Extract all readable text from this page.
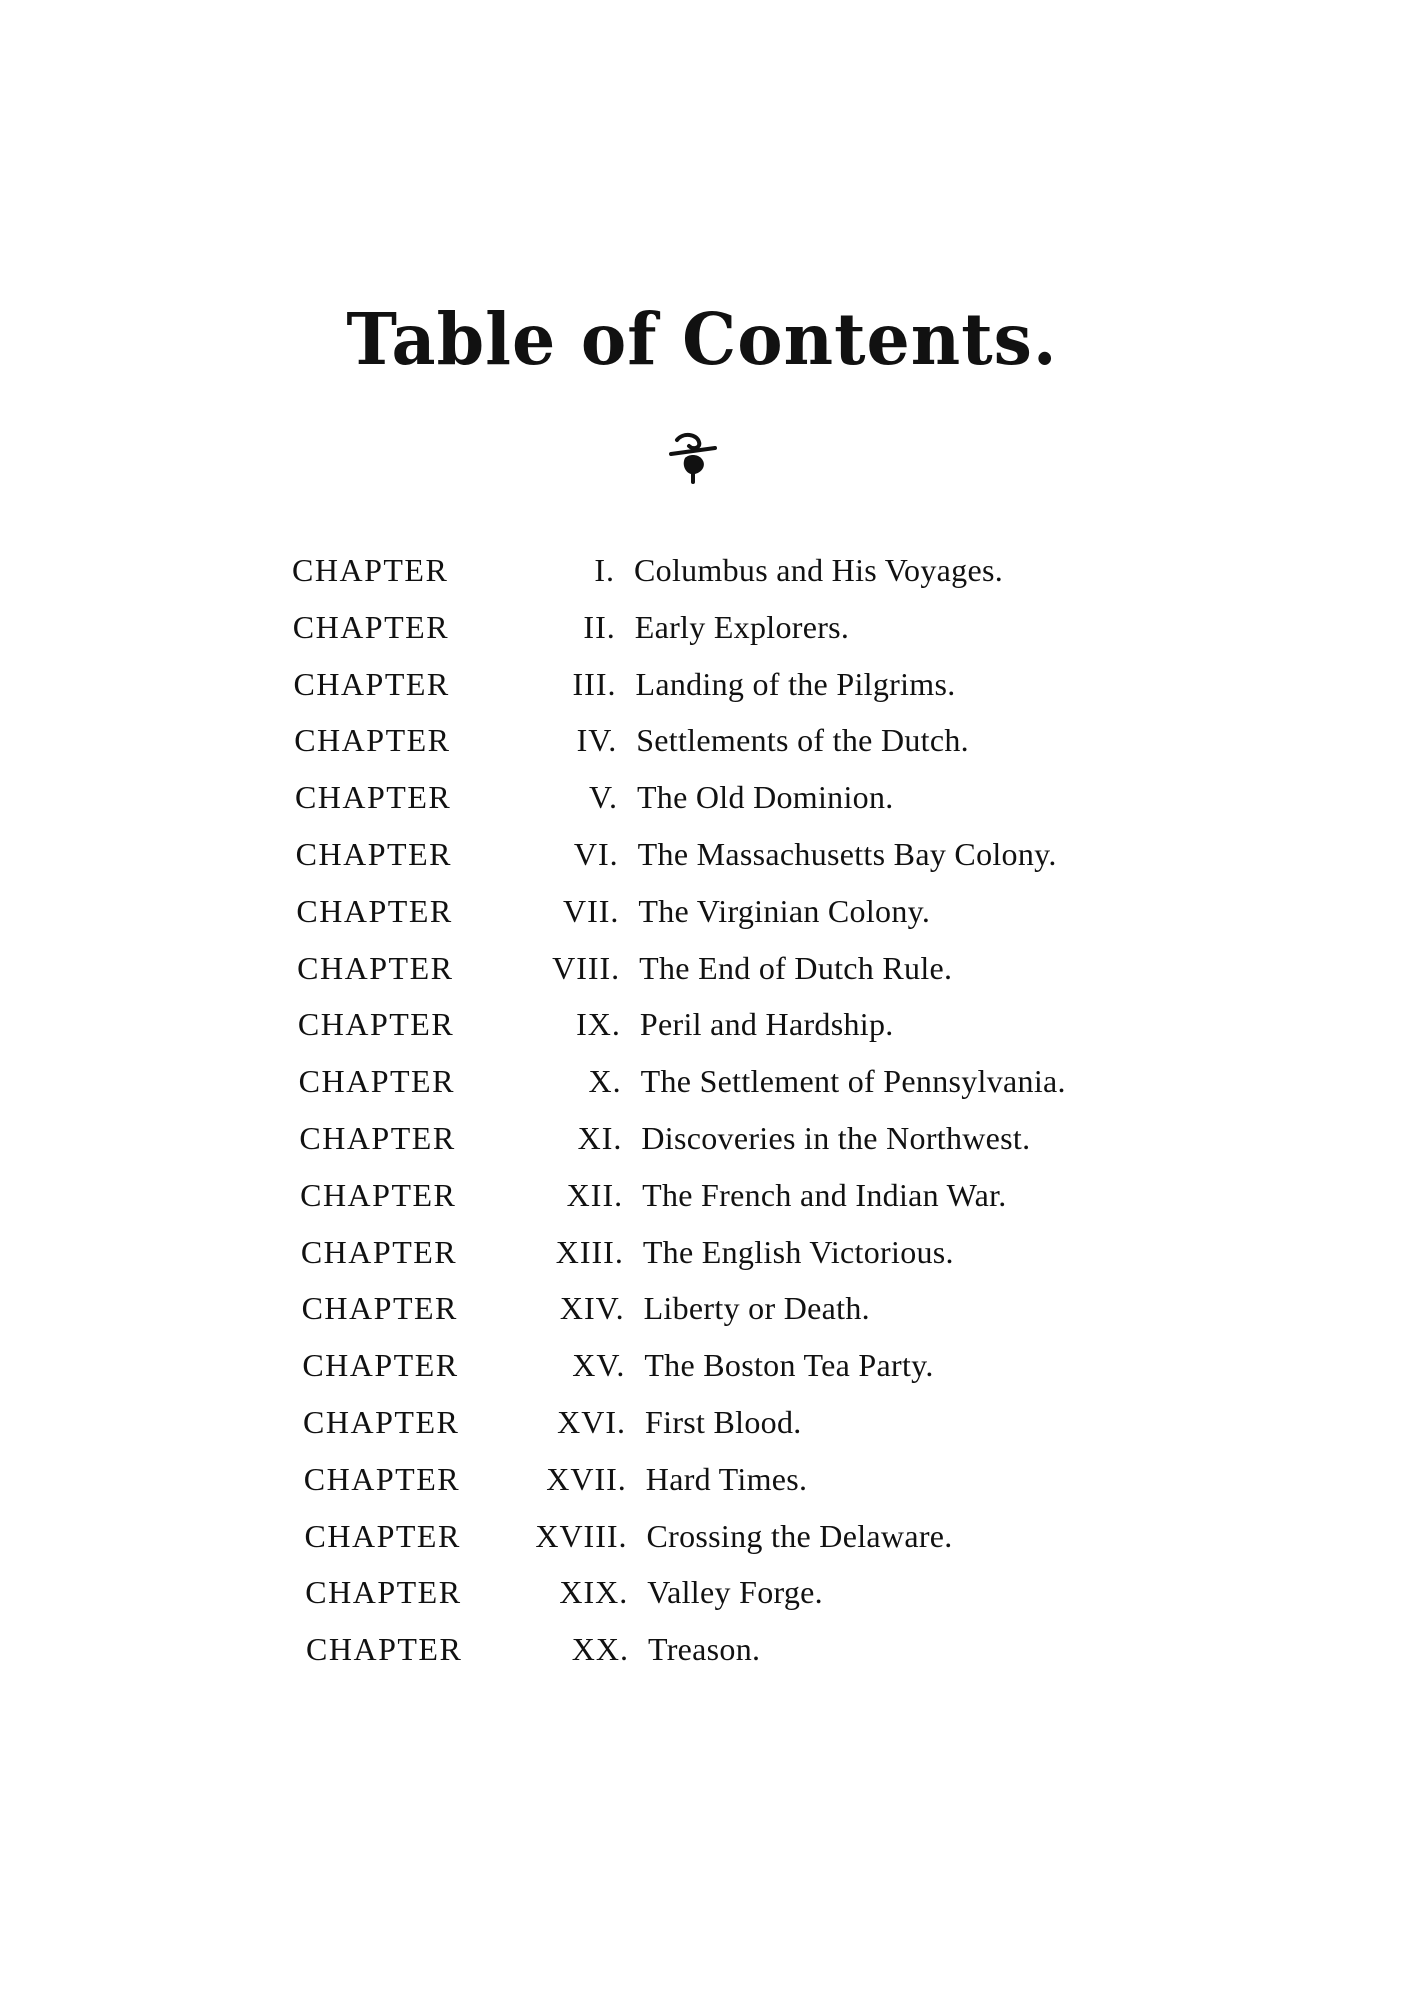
Table of Contents.
CHAPTER	I. Columbus and His Voyages.
CHAPTER	II. Early Explorers.
CHAPTER	III. Landing of the Pilgrims.
CHAPTER	IV. Settlements of the Dutch.
CHAPTER	V. The Old Dominion.
CHAPTER	VI. The Massachusetts Bay Colony.
CHAPTER	VII. The Virginian Colony.
CHAPTER	VIII. The End of Dutch Rule.
CHAPTER	IX. Peril and Hardship.
CHAPTER	X. The Settlement of Pennsylvania.
CHAPTER	XI. Discoveries in the Northwest.
CHAPTER	XII. The French and Indian War.
CHAPTER	XIII. The English Victorious.
CHAPTER	XIV. Liberty or Death.
CHAPTER	XV. The Boston Tea Party.
CHAPTER	XVI. First Blood.
CHAPTER	XVII. Hard Times.
CHAPTER	XVIII. Crossing the Delaware.
CHAPTER	XIX. Valley Forge.
CHAPTER	XX. Treason.
